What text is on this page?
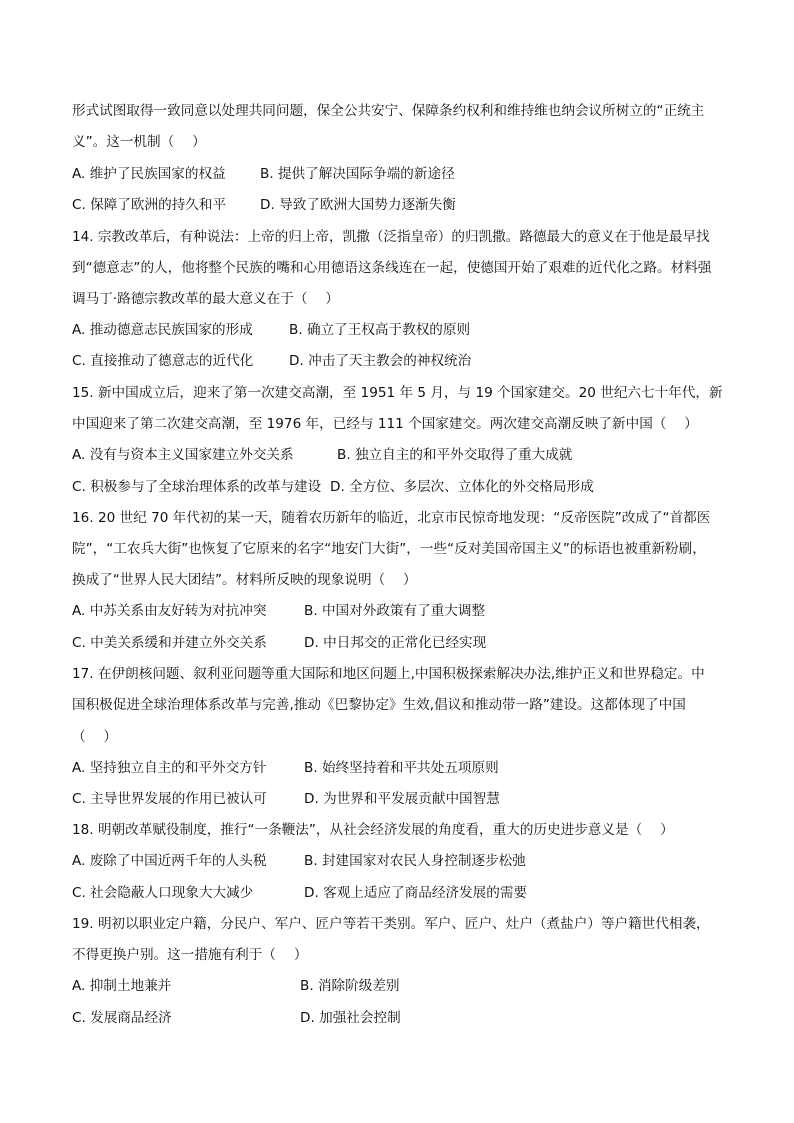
形式试图取得一致同意以处理共同问题，保全公共安宁、保障条约权利和维持维也纳会议所树立的“正统主
义”。这一机制（　 ）
A. 维护了民族国家的权益	B. 提供了解决国际争端的新途径
C. 保障了欧洲的持久和平 D. 导致了欧洲大国势力逐渐失衡
14. 宗教改革后，有种说法：上帝的归上帝，凯撒（泛指皇帝）的归凯撒。路德最大的意义在于他是最早找
到“德意志”的人，他将整个民族的嘴和心用德语这条线连在一起，使德国开始了艰难的近代化之路。材料强
调马丁·路德宗教改革的最大意义在于（　 ）
A. 推动德意志民族国家的形成	B. 确立了王权高于教权的原则
C. 直接推动了德意志的近代化	D. 冲击了天主教会的神权统治
15. 新中国成立后，迎来了第一次建交高潮，至 1951 年 5 月，与 19 个国家建交。20 世纪六七十年代，新
中国迎来了第二次建交高潮，至 1976 年，已经与 111 个国家建交。两次建交高潮反映了新中国（　 ）
A. 没有与资本主义国家建立外交关系	B. 独立自主的和平外交取得了重大成就
C. 积极参与了全球治理体系的改革与建设 D. 全方位、多层次、立体化的外交格局形成
16. 20 世纪 70 年代初的某一天，随着农历新年的临近，北京市民惊奇地发现：“反帝医院”改成了“首都医
院”，“工农兵大街”也恢复了它原来的名字“地安门大街”，一些“反对美国帝国主义”的标语也被重新粉刷，
换成了“世界人民大团结”。材料所反映的现象说明（　 ）
A. 中苏关系由友好转为对抗冲突	B. 中国对外政策有了重大调整
C. 中美关系缓和并建立外交关系	D. 中日邦交的正常化已经实现
17. 在伊朗核问题、叙利亚问题等重大国际和地区问题上,中国积极探索解决办法,维护正义和世界稳定。中
国积极促进全球治理体系改革与完善,推动《巴黎协定》生效,倡议和推动带一路”建设。这都体现了中国
（　 ）
A. 坚持独立自主的和平外交方针	B. 始终坚持着和平共处五项原则
C. 主导世界发展的作用已被认可	D. 为世界和平发展贡献中国智慧
18. 明朝改革赋役制度，推行“一条鞭法”，从社会经济发展的角度看，重大的历史进步意义是（　 ）
A. 废除了中国近两千年的人头税	B. 封建国家对农民人身控制逐步松弛
C. 社会隐蔽人口现象大大减少	D. 客观上适应了商品经济发展的需要
19. 明初以职业定户籍，分民户、军户、匠户等若干类别。军户、匠户、灶户（煮盐户）等户籍世代相袭，
不得更换户别。这一措施有利于（　 ）
A. 抑制土地兼并	B. 消除阶级差别
C. 发展商品经济	D. 加强社会控制
